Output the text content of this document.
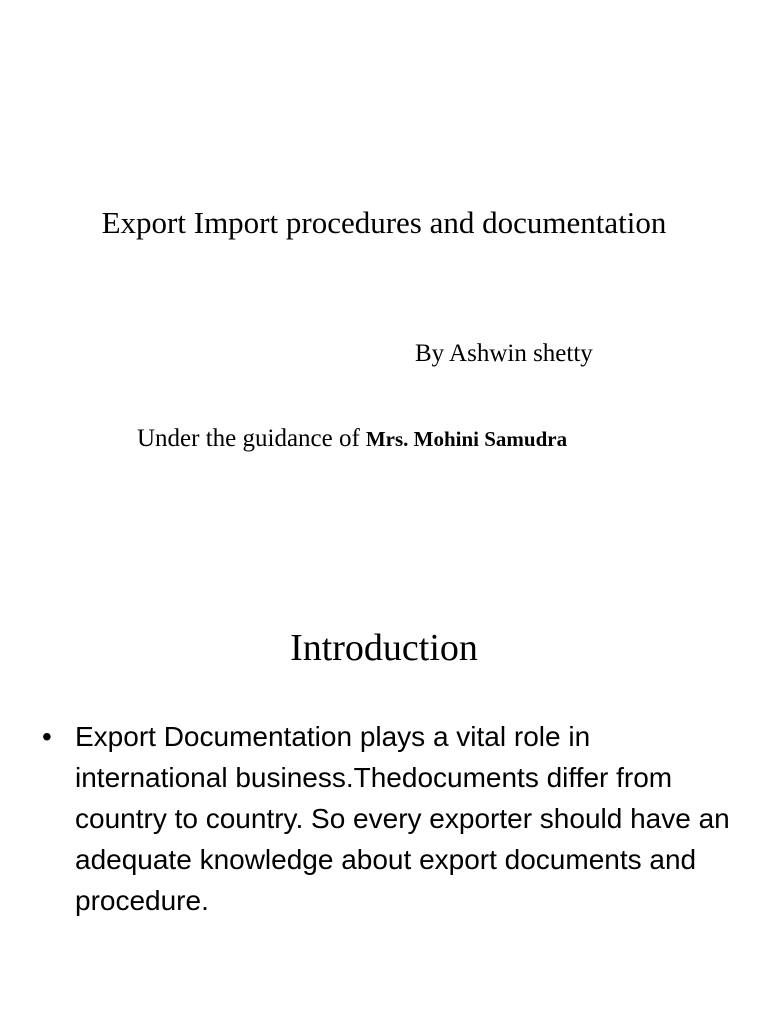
Export Import procedures and documentation
By Ashwin shetty
Under the guidance of Mrs. Mohini Samudra
Introduction
• Export Documentation plays a vital role in international business.Thedocuments differ from country to country. So every exporter should have an adequate knowledge about export documents and procedure.
